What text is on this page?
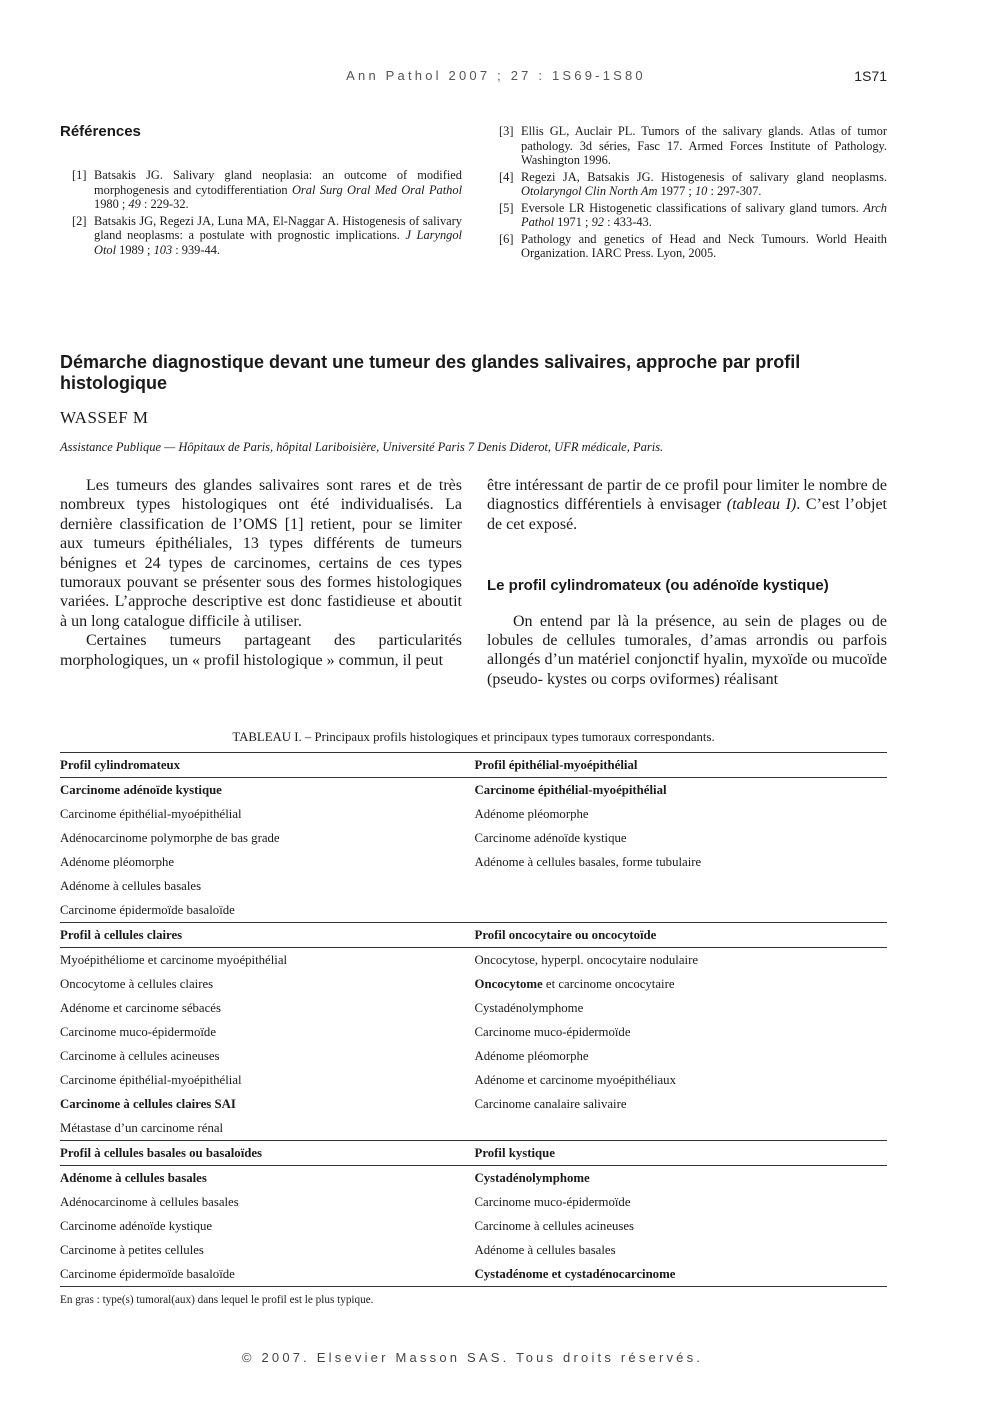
Ann Pathol 2007 ; 27 : 1S69-1S80	1S71
Références
[1] Batsakis JG. Salivary gland neoplasia: an outcome of modified morphogenesis and cytodifferentiation Oral Surg Oral Med Oral Pathol 1980 ; 49 : 229-32.
[2] Batsakis JG, Regezi JA, Luna MA, El-Naggar A. Histogenesis of salivary gland neoplasms: a postulate with prognostic implications. J Laryngol Otol 1989 ; 103 : 939-44.
[3] Ellis GL, Auclair PL. Tumors of the salivary glands. Atlas of tumor pathology. 3d séries, Fasc 17. Armed Forces Institute of Pathology. Washington 1996.
[4] Regezi JA, Batsakis JG. Histogenesis of salivary gland neoplasms. Otolaryngol Clin North Am 1977 ; 10 : 297-307.
[5] Eversole LR Histogenetic classifications of salivary gland tumors. Arch Pathol 1971 ; 92 : 433-43.
[6] Pathology and genetics of Head and Neck Tumours. World Heaith Organization. IARC Press. Lyon, 2005.
Démarche diagnostique devant une tumeur des glandes salivaires, approche par profil histologique
WASSEF M
Assistance Publique — Hôpitaux de Paris, hôpital Lariboisière, Université Paris 7 Denis Diderot, UFR médicale, Paris.

Les tumeurs des glandes salivaires sont rares et de très nombreux types histologiques ont été individualisés. La dernière classification de l’OMS [1] retient, pour se limiter aux tumeurs épithéliales, 13 types différents de tumeurs bénignes et 24 types de carcinomes, certains de ces types tumoraux pouvant se présenter sous des formes histologiques variées. L’approche descriptive est donc fastidieuse et aboutit à un long catalogue difficile à utiliser.

Certaines tumeurs partageant des particularités morphologiques, un « profil histologique » commun, il peut

être intéressant de partir de ce profil pour limiter le nombre de diagnostics différentiels à envisager (tableau I). C’est l’objet de cet exposé.

Le profil cylindromateux (ou adénoïde kystique)

On entend par là la présence, au sein de plages ou de lobules de cellules tumorales, d’amas arrondis ou parfois allongés d’un matériel conjonctif hyalin, myxoïde ou mucoïde (pseudo- kystes ou corps oviformes) réalisant

TABLEAU I. – Principaux profils histologiques et principaux types tumoraux correspondants.
Profil cylindromateux	Profil épithélial-myoépithélial
Carcinome adénoïde kystique	Carcinome épithélial-myoépithélial
Carcinome épithélial-myoépithélial	Adénome pléomorphe
Adénocarcinome polymorphe de bas grade	Carcinome adénoïde kystique
Adénome pléomorphe	Adénome à cellules basales, forme tubulaire
Adénome à cellules basales	
Carcinome épidermoïde basaloïde	
Profil à cellules claires	Profil oncocytaire ou oncocytoïde
Myoépithéliome et carcinome myoépithélial	Oncocytose, hyperpl. oncocytaire nodulaire
Oncocytome à cellules claires	Oncocytome et carcinome oncocytaire
Adénome et carcinome sébacés	Cystadénolymphome
Carcinome muco-épidermoïde	Carcinome muco-épidermoïde
Carcinome à cellules acineuses	Adénome pléomorphe
Carcinome épithélial-myoépithélial	Adénome et carcinome myoépithéliaux
Carcinome à cellules claires SAI	Carcinome canalaire salivaire
Métastase d’un carcinome rénal	
Profil à cellules basales ou basaloïdes	Profil kystique
Adénome à cellules basales	Cystadénolymphome
Adénocarcinome à cellules basales	Carcinome muco-épidermoïde
Carcinome adénoïde kystique	Carcinome à cellules acineuses
Carcinome à petites cellules	Adénome à cellules basales
Carcinome épidermoïde basaloïde	Cystadénome et cystadénocarcinome
En gras : type(s) tumoral(aux) dans lequel le profil est le plus typique.
© 2007. Elsevier Masson SAS. Tous droits réservés.
